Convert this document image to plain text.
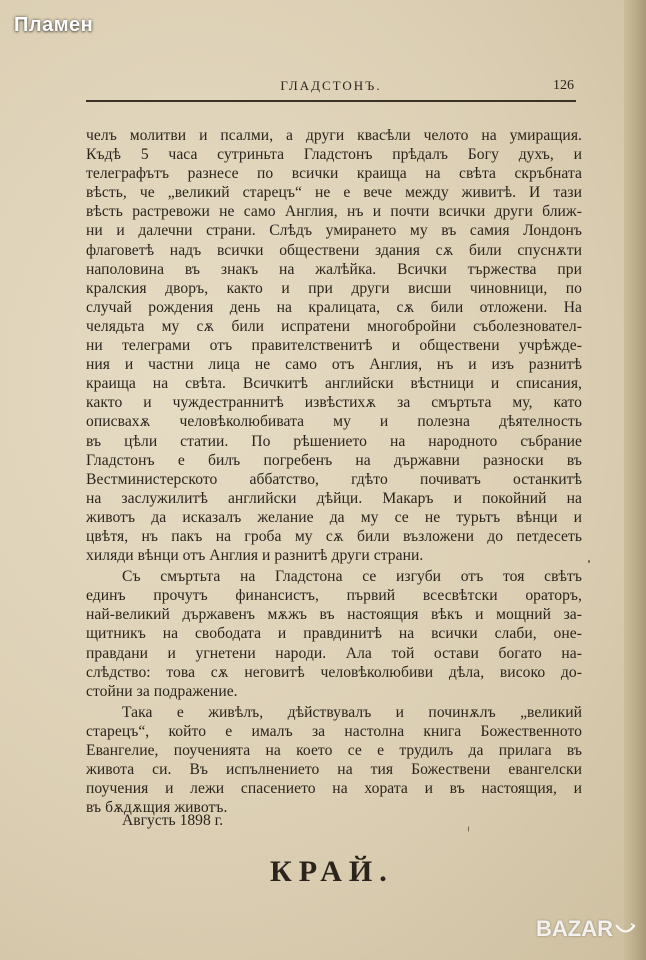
Пламен
ГЛАДСТОНЪ.	126
челъ молитви и псалми, а други квасѣли челото на умиращия.
Къдѣ 5 часа сутриньта Гладстонъ прѣдалъ Богу духъ, и
телеграфътъ разнесе по всички краища на свѣта скръбната
вѣсть, че „великий старецъ“ не е вече между живитѣ. И тази
вѣсть растревожи не само Англия, нъ и почти всички други ближ-
ни и далечни страни. Слѣдъ умирането му въ самия Лондонъ
флаговетѣ надъ всички обществени здания сѫ били спуснѫти
наполовина въ знакъ на жалѣйка. Всички тържества при
кралския дворъ, както и при други висши чиновници, по
случай рождения день на кралицата, сѫ били отложени. На
челядьта му сѫ били испратени многобройни съболезновател-
ни телеграми отъ правителственитѣ и обществени учрѣжде-
ния и частни лица не само отъ Англия, нъ и изъ разнитѣ
краища на свѣта. Всичкитѣ английски вѣстници и списания,
както и чуждестраннитѣ извѣстихѫ за смъртьта му, като
описвахѫ человѣколюбивата му и полезна дѣятелность
въ цѣли статии. По рѣшението на народното събрание
Гладстонъ е билъ погребенъ на държавни разноски въ
Вестминистерското аббатство, гдѣто почиватъ останкитѣ
на заслужилитѣ английски дѣйци. Макаръ и покойний на
животъ да исказалъ желание да му се не турьтъ вѣнци и
цвѣтя, нъ пакъ на гроба му сѫ били възложени до петдесеть
хиляди вѣнци отъ Англия и разнитѣ други страни.
Съ смъртьта на Гладстона се изгуби отъ тоя свѣтъ
единъ прочутъ финансистъ, първий всесвѣтски ораторъ,
най-великий държавенъ мѫжъ въ настоящия вѣкъ и мощний за-
щитникъ на свободата и правдинитѣ на всички слаби, оне-
правдани и угнетени народи. Ала той остави богато на-
слѣдство: това сѫ неговитѣ человѣколюбиви дѣла, високо до-
стойни за подражение.
Така е живѣлъ, дѣйствувалъ и починѫлъ „великий
старецъ“, който е ималъ за настолна книга Божественното
Евангелие, поученията на което се е трудилъ да прилага въ
живота си. Въ испълнението на тия Божествени евангелски
поучения и лежи спасението на хората и въ настоящия, и
въ бѫдѫщия животъ.
Августь 1898 г.
КРАЙ.
BAZAR
